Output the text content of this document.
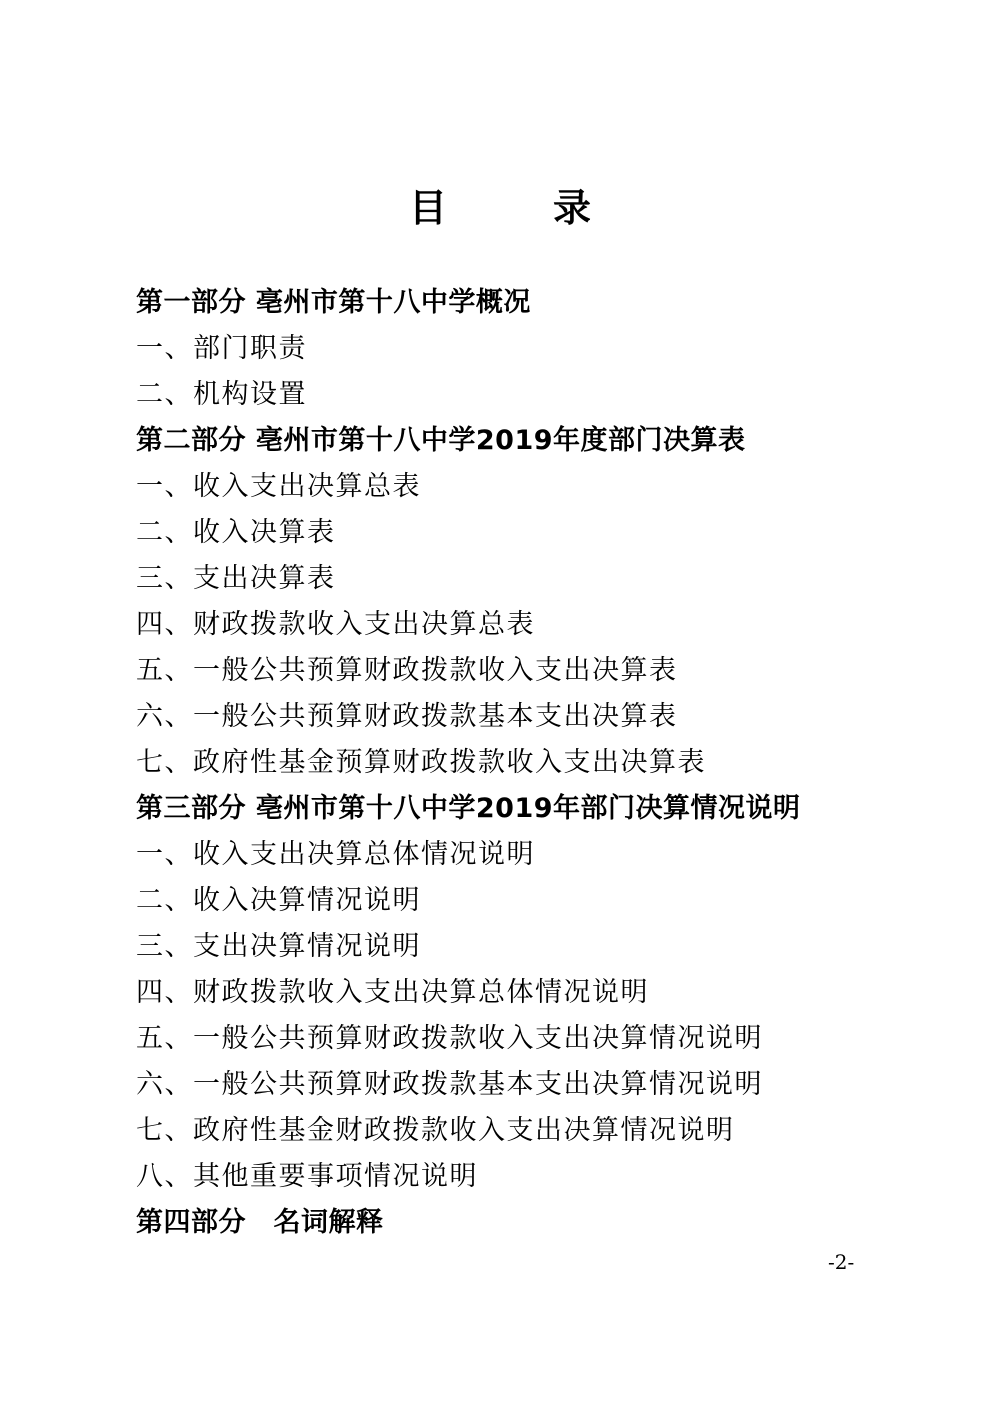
目　录
第一部分 亳州市第十八中学概况
一、部门职责
二、机构设置
第二部分 亳州市第十八中学2019年度部门决算表
一、收入支出决算总表
二、收入决算表
三、支出决算表
四、财政拨款收入支出决算总表
五、一般公共预算财政拨款收入支出决算表
六、一般公共预算财政拨款基本支出决算表
七、政府性基金预算财政拨款收入支出决算表
第三部分 亳州市第十八中学2019年部门决算情况说明
一、收入支出决算总体情况说明
二、收入决算情况说明
三、支出决算情况说明
四、财政拨款收入支出决算总体情况说明
五、一般公共预算财政拨款收入支出决算情况说明
六、一般公共预算财政拨款基本支出决算情况说明
七、政府性基金财政拨款收入支出决算情况说明
八、其他重要事项情况说明
第四部分　名词解释
-2-
